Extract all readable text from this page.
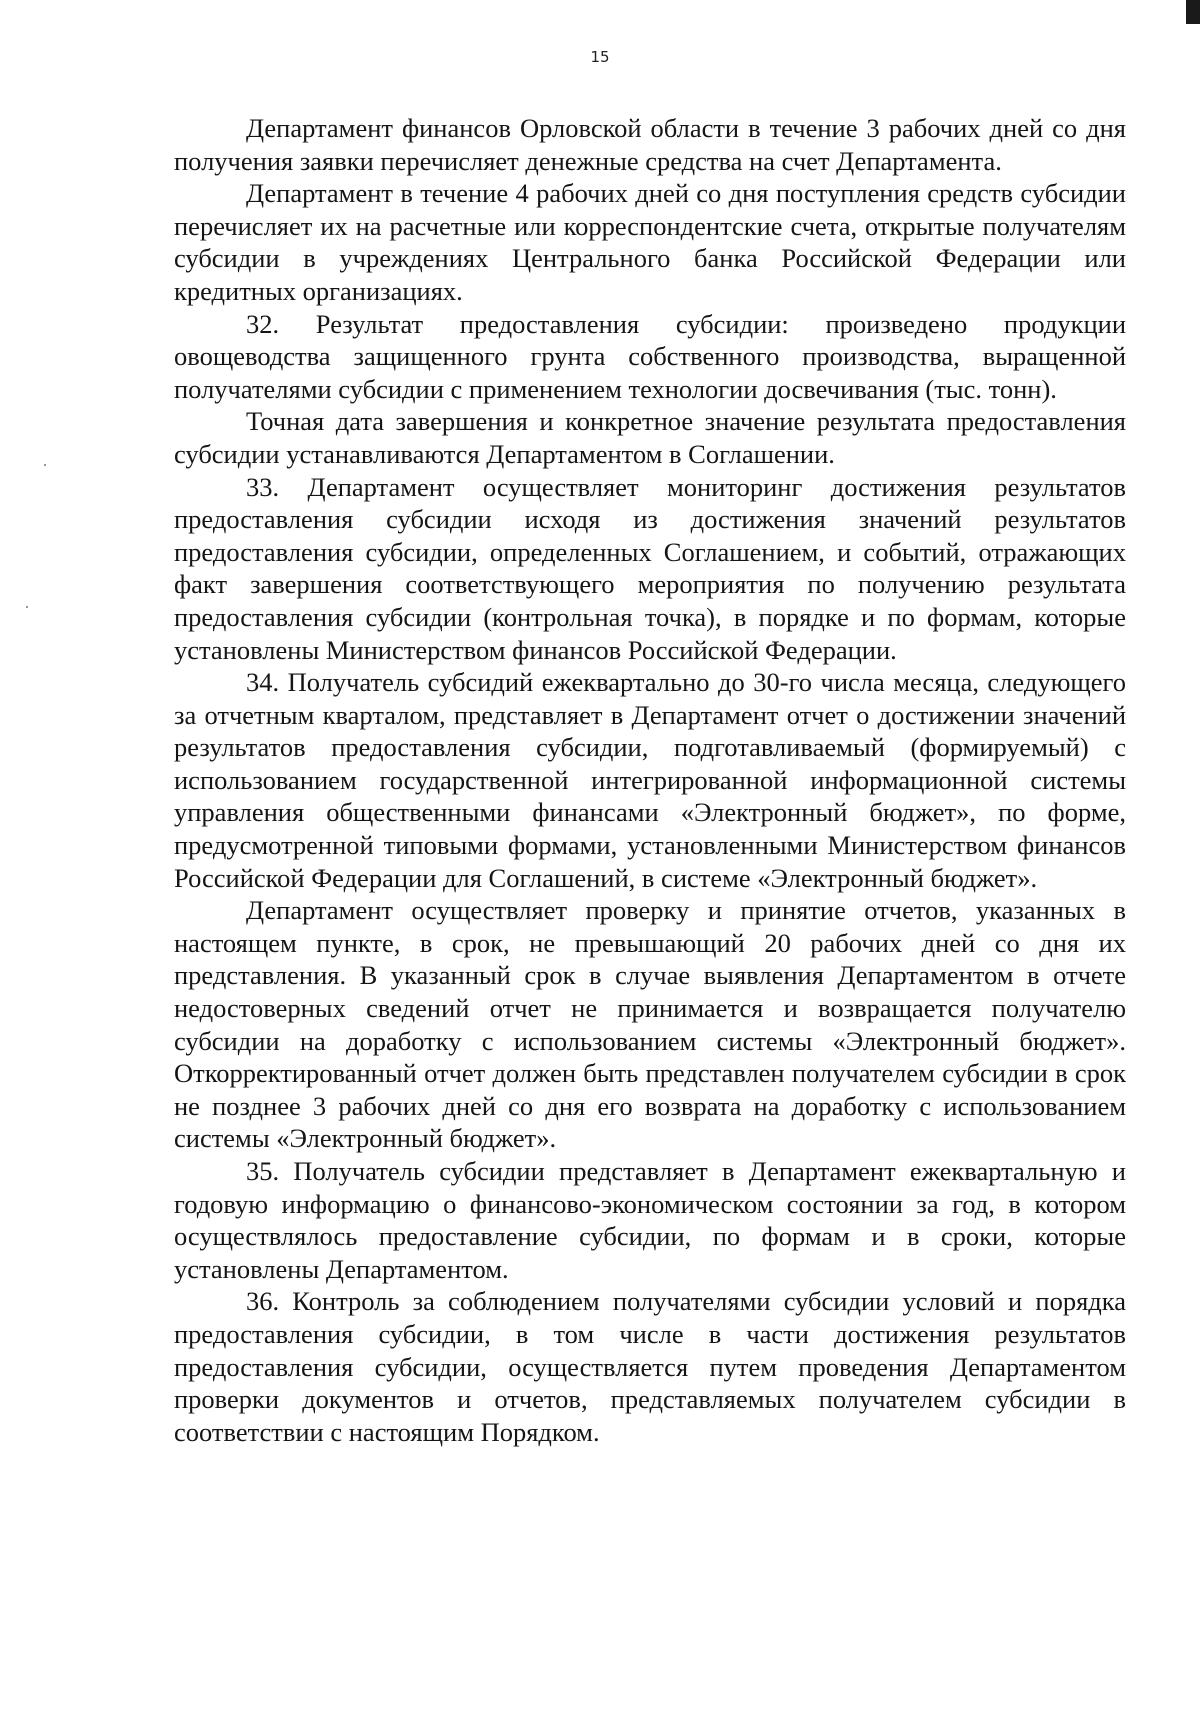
15

Департамент финансов Орловской области в течение 3 рабочих дней со дня получения заявки перечисляет денежные средства на счет Департамента.

Департамент в течение 4 рабочих дней со дня поступления средств субсидии перечисляет их на расчетные или корреспондентские счета, открытые получателям субсидии в учреждениях Центрального банка Российской Федерации или кредитных организациях.

32. Результат предоставления субсидии: произведено продукции овощеводства защищенного грунта собственного производства, выращенной получателями субсидии с применением технологии досвечивания (тыс. тонн).

Точная дата завершения и конкретное значение результата предоставления субсидии устанавливаются Департаментом в Соглашении.

33. Департамент осуществляет мониторинг достижения результатов предоставления субсидии исходя из достижения значений результатов предоставления субсидии, определенных Соглашением, и событий, отражающих факт завершения соответствующего мероприятия по получению результата предоставления субсидии (контрольная точка), в порядке и по формам, которые установлены Министерством финансов Российской Федерации.

34. Получатель субсидий ежеквартально до 30-го числа месяца, следующего за отчетным кварталом, представляет в Департамент отчет о достижении значений результатов предоставления субсидии, подготавливаемый (формируемый) с использованием государственной интегрированной информационной системы управления общественными финансами «Электронный бюджет», по форме, предусмотренной типовыми формами, установленными Министерством финансов Российской Федерации для Соглашений, в системе «Электронный бюджет».

Департамент осуществляет проверку и принятие отчетов, указанных в настоящем пункте, в срок, не превышающий 20 рабочих дней со дня их представления. В указанный срок в случае выявления Департаментом в отчете недостоверных сведений отчет не принимается и возвращается получателю субсидии на доработку с использованием системы «Электронный бюджет». Откорректированный отчет должен быть представлен получателем субсидии в срок не позднее 3 рабочих дней со дня его возврата на доработку с использованием системы «Электронный бюджет».

35. Получатель субсидии представляет в Департамент ежеквартальную и годовую информацию о финансово-экономическом состоянии за год, в котором осуществлялось предоставление субсидии, по формам и в сроки, которые установлены Департаментом.

36. Контроль за соблюдением получателями субсидии условий и порядка предоставления субсидии, в том числе в части достижения результатов предоставления субсидии, осуществляется путем проведения Департаментом проверки документов и отчетов, представляемых получателем субсидии в соответствии с настоящим Порядком.
